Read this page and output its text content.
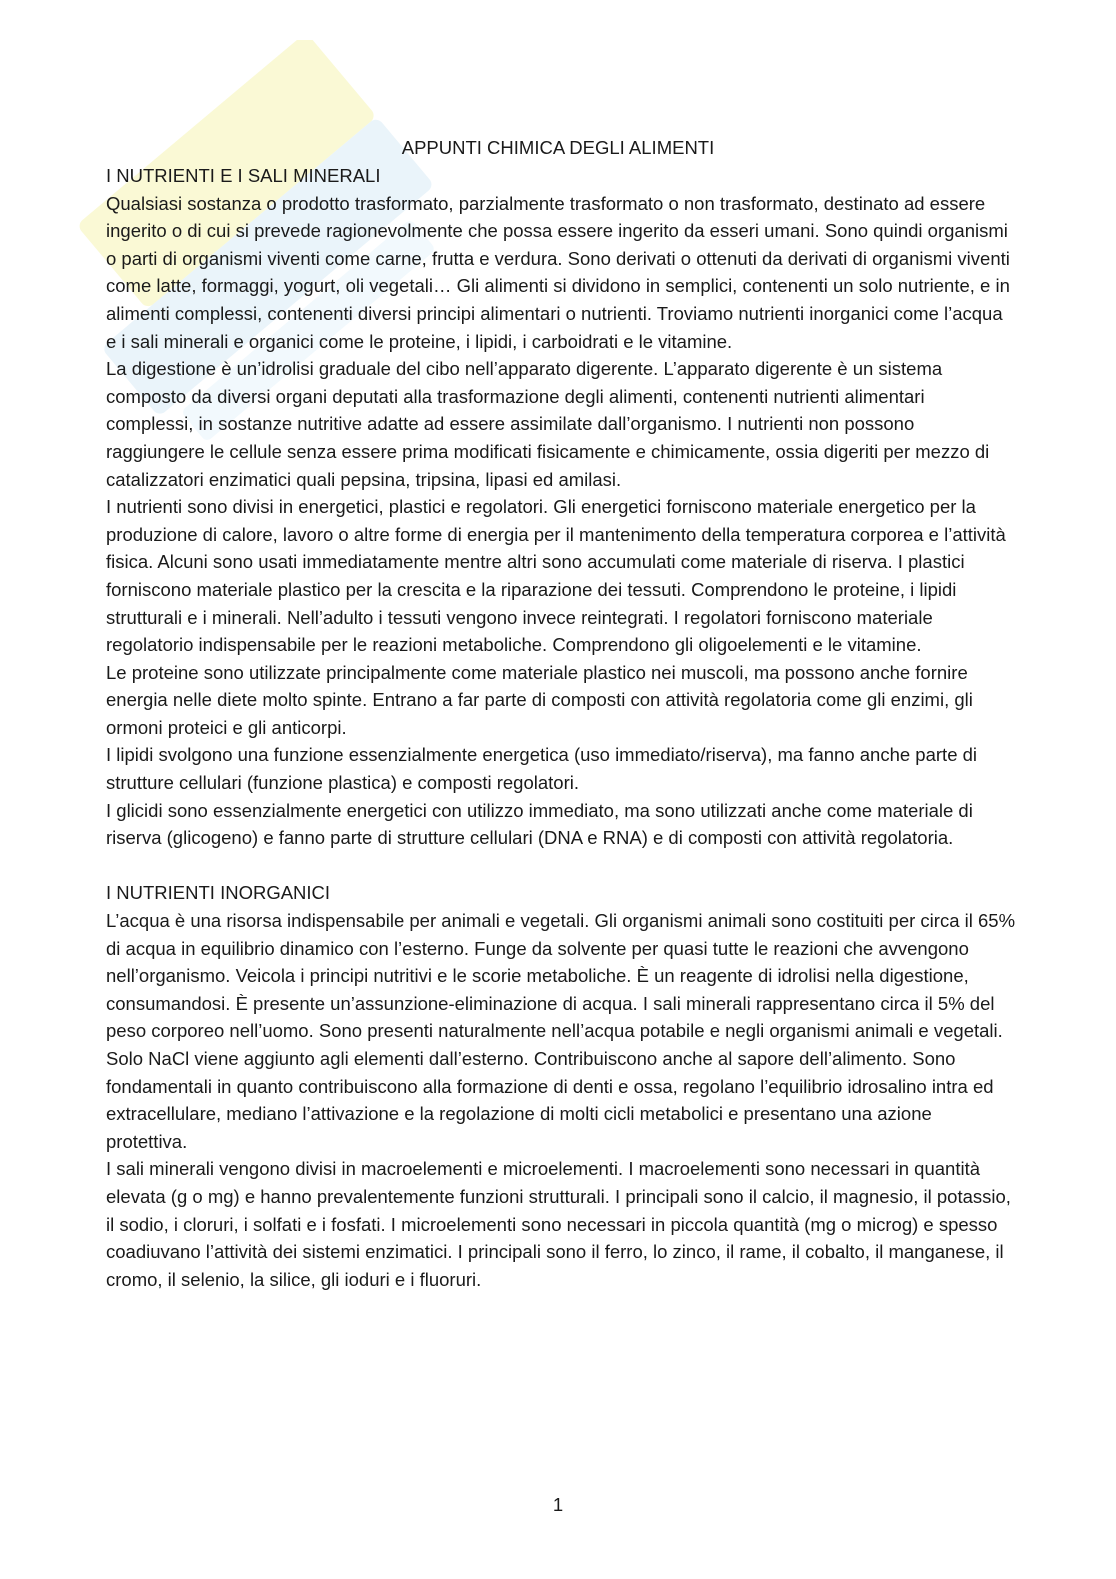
APPUNTI CHIMICA DEGLI ALIMENTI

I NUTRIENTI E I SALI MINERALI

Qualsiasi sostanza o prodotto trasformato, parzialmente trasformato o non trasformato, destinato ad essere ingerito o di cui si prevede ragionevolmente che possa essere ingerito da esseri umani. Sono quindi organismi o parti di organismi viventi come carne, frutta e verdura. Sono derivati o ottenuti da derivati di organismi viventi come latte, formaggi, yogurt, oli vegetali… Gli alimenti si dividono in semplici, contenenti un solo nutriente, e in alimenti complessi, contenenti diversi principi alimentari o nutrienti. Troviamo nutrienti inorganici come l’acqua e i sali minerali e organici come le proteine, i lipidi, i carboidrati e le vitamine.

La digestione è un’idrolisi graduale del cibo nell’apparato digerente. L’apparato digerente è un sistema composto da diversi organi deputati alla trasformazione degli alimenti, contenenti nutrienti alimentari complessi, in sostanze nutritive adatte ad essere assimilate dall’organismo. I nutrienti non possono raggiungere le cellule senza essere prima modificati fisicamente e chimicamente, ossia digeriti per mezzo di catalizzatori enzimatici quali pepsina, tripsina, lipasi ed amilasi.

I nutrienti sono divisi in energetici, plastici e regolatori. Gli energetici forniscono materiale energetico per la produzione di calore, lavoro o altre forme di energia per il mantenimento della temperatura corporea e l’attività fisica. Alcuni sono usati immediatamente mentre altri sono accumulati come materiale di riserva. I plastici forniscono materiale plastico per la crescita e la riparazione dei tessuti. Comprendono le proteine, i lipidi strutturali e i minerali. Nell’adulto i tessuti vengono invece reintegrati. I regolatori forniscono materiale regolatorio indispensabile per le reazioni metaboliche. Comprendono gli oligoelementi e le vitamine.

Le proteine sono utilizzate principalmente come materiale plastico nei muscoli, ma possono anche fornire energia nelle diete molto spinte. Entrano a far parte di composti con attività regolatoria come gli enzimi, gli ormoni proteici e gli anticorpi.

I lipidi svolgono una funzione essenzialmente energetica (uso immediato/riserva), ma fanno anche parte di strutture cellulari (funzione plastica) e composti regolatori.

I glicidi sono essenzialmente energetici con utilizzo immediato, ma sono utilizzati anche come materiale di riserva (glicogeno) e fanno parte di strutture cellulari (DNA e RNA) e di composti con attività regolatoria.

I NUTRIENTI INORGANICI

L’acqua è una risorsa indispensabile per animali e vegetali. Gli organismi animali sono costituiti per circa il 65% di acqua in equilibrio dinamico con l’esterno. Funge da solvente per quasi tutte le reazioni che avvengono nell’organismo. Veicola i principi nutritivi e le scorie metaboliche. È un reagente di idrolisi nella digestione, consumandosi. È presente un’assunzione-eliminazione di acqua. I sali minerali rappresentano circa il 5% del peso corporeo nell’uomo. Sono presenti naturalmente nell’acqua potabile e negli organismi animali e vegetali. Solo NaCl viene aggiunto agli elementi dall’esterno. Contribuiscono anche al sapore dell’alimento. Sono fondamentali in quanto contribuiscono alla formazione di denti e ossa, regolano l’equilibrio idrosalino intra ed extracellulare, mediano l’attivazione e la regolazione di molti cicli metabolici e presentano una azione protettiva.

I sali minerali vengono divisi in macroelementi e microelementi. I macroelementi sono necessari in quantità elevata (g o mg) e hanno prevalentemente funzioni strutturali. I principali sono il calcio, il magnesio, il potassio, il sodio, i cloruri, i solfati e i fosfati. I microelementi sono necessari in piccola quantità (mg o microg) e spesso coadiuvano l’attività dei sistemi enzimatici. I principali sono il ferro, lo zinco, il rame, il cobalto, il manganese, il cromo, il selenio, la silice, gli ioduri e i fluoruri.

1
